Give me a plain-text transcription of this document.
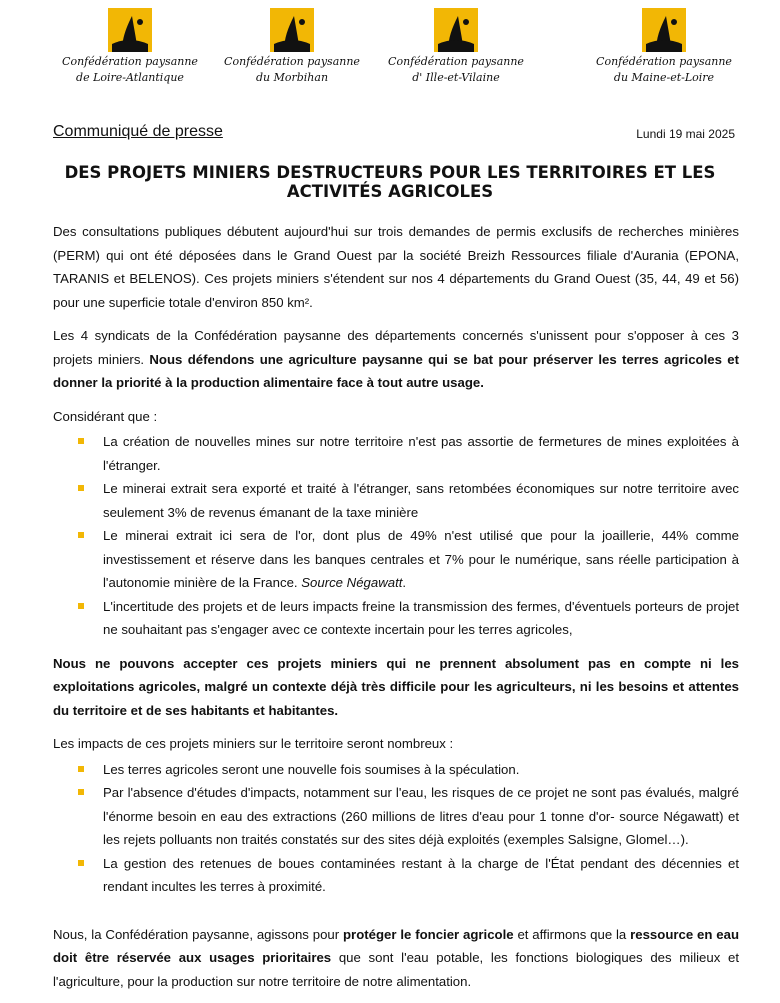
Confédération paysanne
de Loire-Atlantique
Confédération paysanne
du Morbihan
Confédération paysanne
d' Ille-et-Vilaine
Confédération paysanne
du Maine-et-Loire
Communiqué de presse	Lundi 19 mai 2025
DES PROJETS MINIERS DESTRUCTEURS POUR LES TERRITOIRES ET LES ACTIVITÉS AGRICOLES

Des consultations publiques débutent aujourd'hui sur trois demandes de permis exclusifs de recherches minières (PERM) qui ont été déposées dans le Grand Ouest par la société Breizh Ressources filiale d'Aurania (EPONA, TARANIS et BELENOS). Ces projets miniers s'étendent sur nos 4 départements du Grand Ouest (35, 44, 49 et 56) pour une superficie totale d'environ 850 km².

Les 4 syndicats de la Confédération paysanne des départements concernés s'unissent pour s'opposer à ces 3 projets miniers. Nous défendons une agriculture paysanne qui se bat pour préserver les terres agricoles et donner la priorité à la production alimentaire face à tout autre usage.

Considérant que :

La création de nouvelles mines sur notre territoire n'est pas assortie de fermetures de mines exploitées à l'étranger.
Le minerai extrait sera exporté et traité à l'étranger, sans retombées économiques sur notre territoire avec seulement 3% de revenus émanant de la taxe minière
Le minerai extrait ici sera de l'or, dont plus de 49% n'est utilisé que pour la joaillerie, 44% comme investissement et réserve dans les banques centrales et 7% pour le numérique, sans réelle participation à l'autonomie minière de la France. Source Négawatt.
L'incertitude des projets et de leurs impacts freine la transmission des fermes, d'éventuels porteurs de projet ne souhaitant pas s'engager avec ce contexte incertain pour les terres agricoles,

Nous ne pouvons accepter ces projets miniers qui ne prennent absolument pas en compte ni les exploitations agricoles, malgré un contexte déjà très difficile pour les agriculteurs, ni les besoins et attentes du territoire et de ses habitants et habitantes.

Les impacts de ces projets miniers sur le territoire seront nombreux :

Les terres agricoles seront une nouvelle fois soumises à la spéculation.
Par l'absence d'études d'impacts, notamment sur l'eau, les risques de ce projet ne sont pas évalués, malgré l'énorme besoin en eau des extractions (260 millions de litres d'eau pour 1 tonne d'or- source Négawatt) et les rejets polluants non traités constatés sur des sites déjà exploités (exemples Salsigne, Glomel…).
La gestion des retenues de boues contaminées restant à la charge de l'État pendant des décennies et rendant incultes les terres à proximité.

Nous, la Confédération paysanne, agissons pour protéger le foncier agricole et affirmons que la ressource en eau doit être réservée aux usages prioritaires que sont l'eau potable, les fonctions biologiques des milieux et l'agriculture, pour la production sur notre territoire de notre alimentation.
